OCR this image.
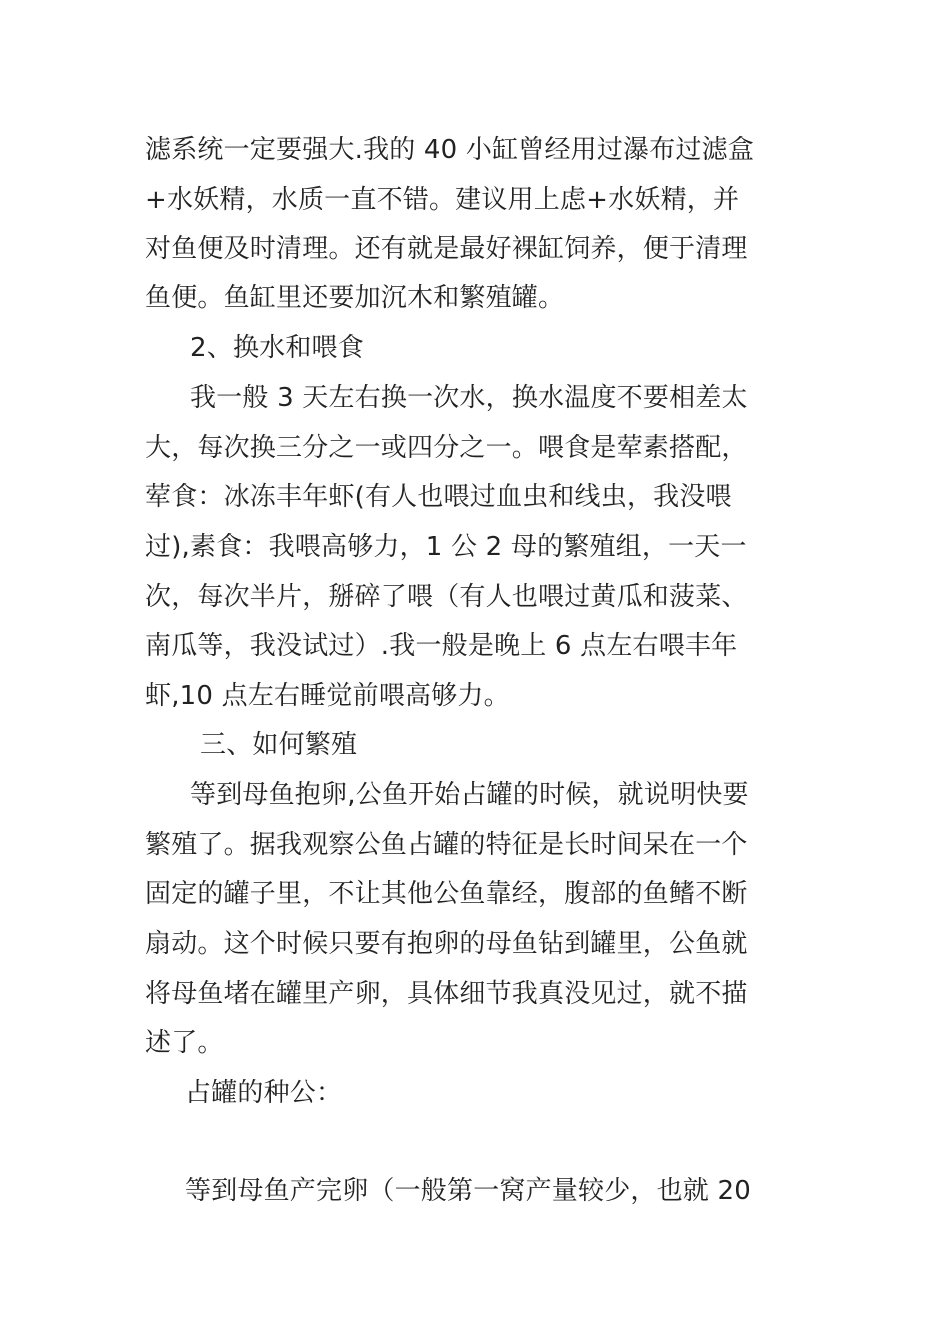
滤系统一定要强大.我的 40 小缸曾经用过瀑布过滤盒
+水妖精，水质一直不错。建议用上虑+水妖精，并
对鱼便及时清理。还有就是最好裸缸饲养，便于清理
鱼便。鱼缸里还要加沉木和繁殖罐。
2、换水和喂食
我一般 3 天左右换一次水，换水温度不要相差太
大，每次换三分之一或四分之一。喂食是荤素搭配，
荤食：冰冻丰年虾(有人也喂过血虫和线虫，我没喂
过),素食：我喂高够力，1 公 2 母的繁殖组，一天一
次，每次半片，掰碎了喂（有人也喂过黄瓜和菠菜、
南瓜等，我没试过）.我一般是晚上 6 点左右喂丰年
虾,10 点左右睡觉前喂高够力。
三、如何繁殖
等到母鱼抱卵,公鱼开始占罐的时候，就说明快要
繁殖了。据我观察公鱼占罐的特征是长时间呆在一个
固定的罐子里，不让其他公鱼靠经，腹部的鱼鳍不断
扇动。这个时候只要有抱卵的母鱼钻到罐里，公鱼就
将母鱼堵在罐里产卵，具体细节我真没见过，就不描
述了。
占罐的种公：
等到母鱼产完卵（一般第一窝产量较少，也就 20
